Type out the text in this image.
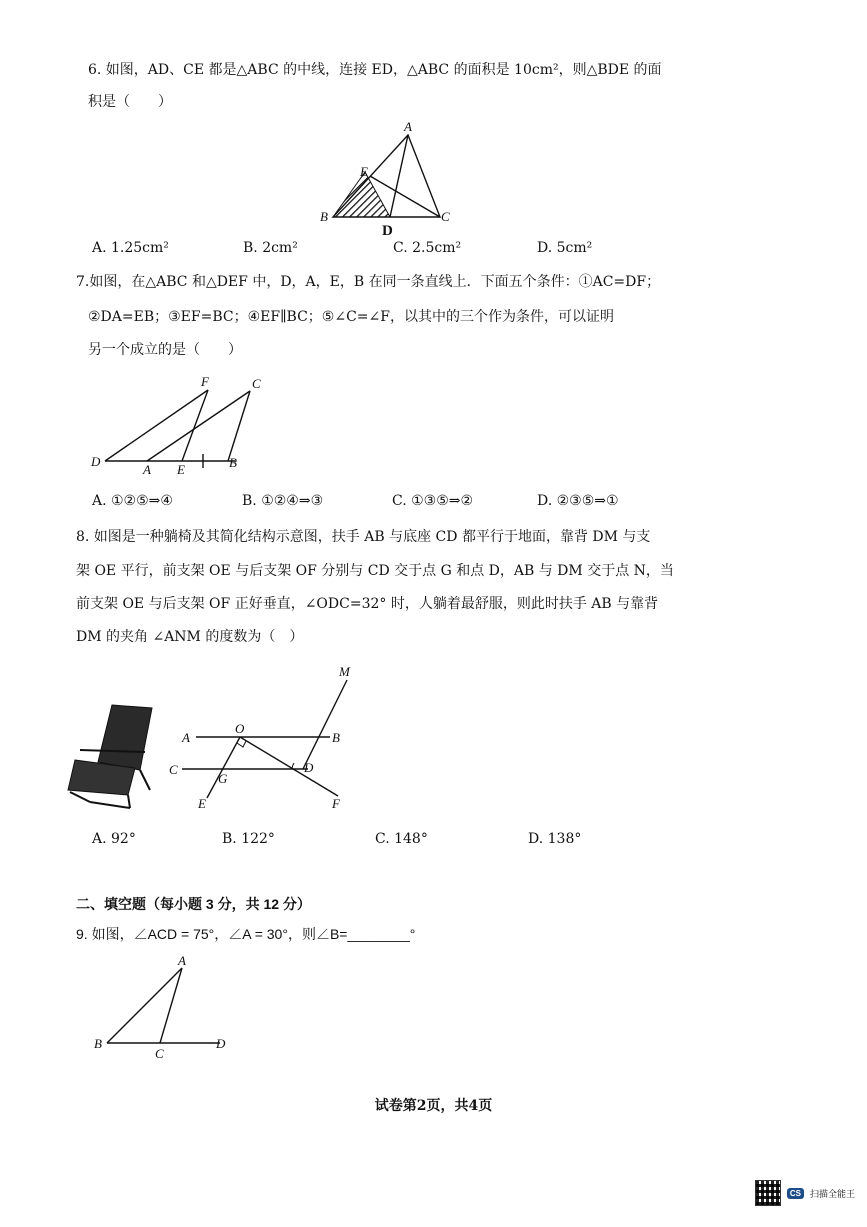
6. 如图，AD、CE 都是△ABC 的中线，连接 ED，△ABC 的面积是 10cm²，则△BDE 的面
积是（　　）
A
E
B	C
D
A. 1.25cm²	B. 2cm²	C. 2.5cm²	D. 5cm²
7.如图，在△ABC 和△DEF 中，D，A，E，B 在同一条直线上．下面五个条件：①AC=DF；
②DA=EB；③EF=BC；④EF∥BC；⑤∠C=∠F，以其中的三个作为条件，可以证明
另一个成立的是（　　）
F	C
D
A E	B
A. ①②⑤⇒④	B. ①②④⇒③	C. ①③⑤⇒②	D. ②③⑤⇒①
8. 如图是一种躺椅及其简化结构示意图，扶手 AB 与底座 CD 都平行于地面，靠背 DM 与支
架 OE 平行，前支架 OE 与后支架 OF 分别与 CD 交于点 G 和点 D，AB 与 DM 交于点 N，当
前支架 OE 与后支架 OF 正好垂直，∠ODC=32° 时，人躺着最舒服，则此时扶手 AB 与靠背
DM 的夹角 ∠ANM 的度数为（　）
M
A
O
B
C
G
D
E	F
A. 92°	B. 122°	C. 148°	D. 138°
二、填空题（每小题 3 分，共 12 分）
9. 如图，∠ACD = 75°，∠A = 30°，则∠B=________°
A
B
C
D
试卷第2页，共4页
CS	扫描全能王
